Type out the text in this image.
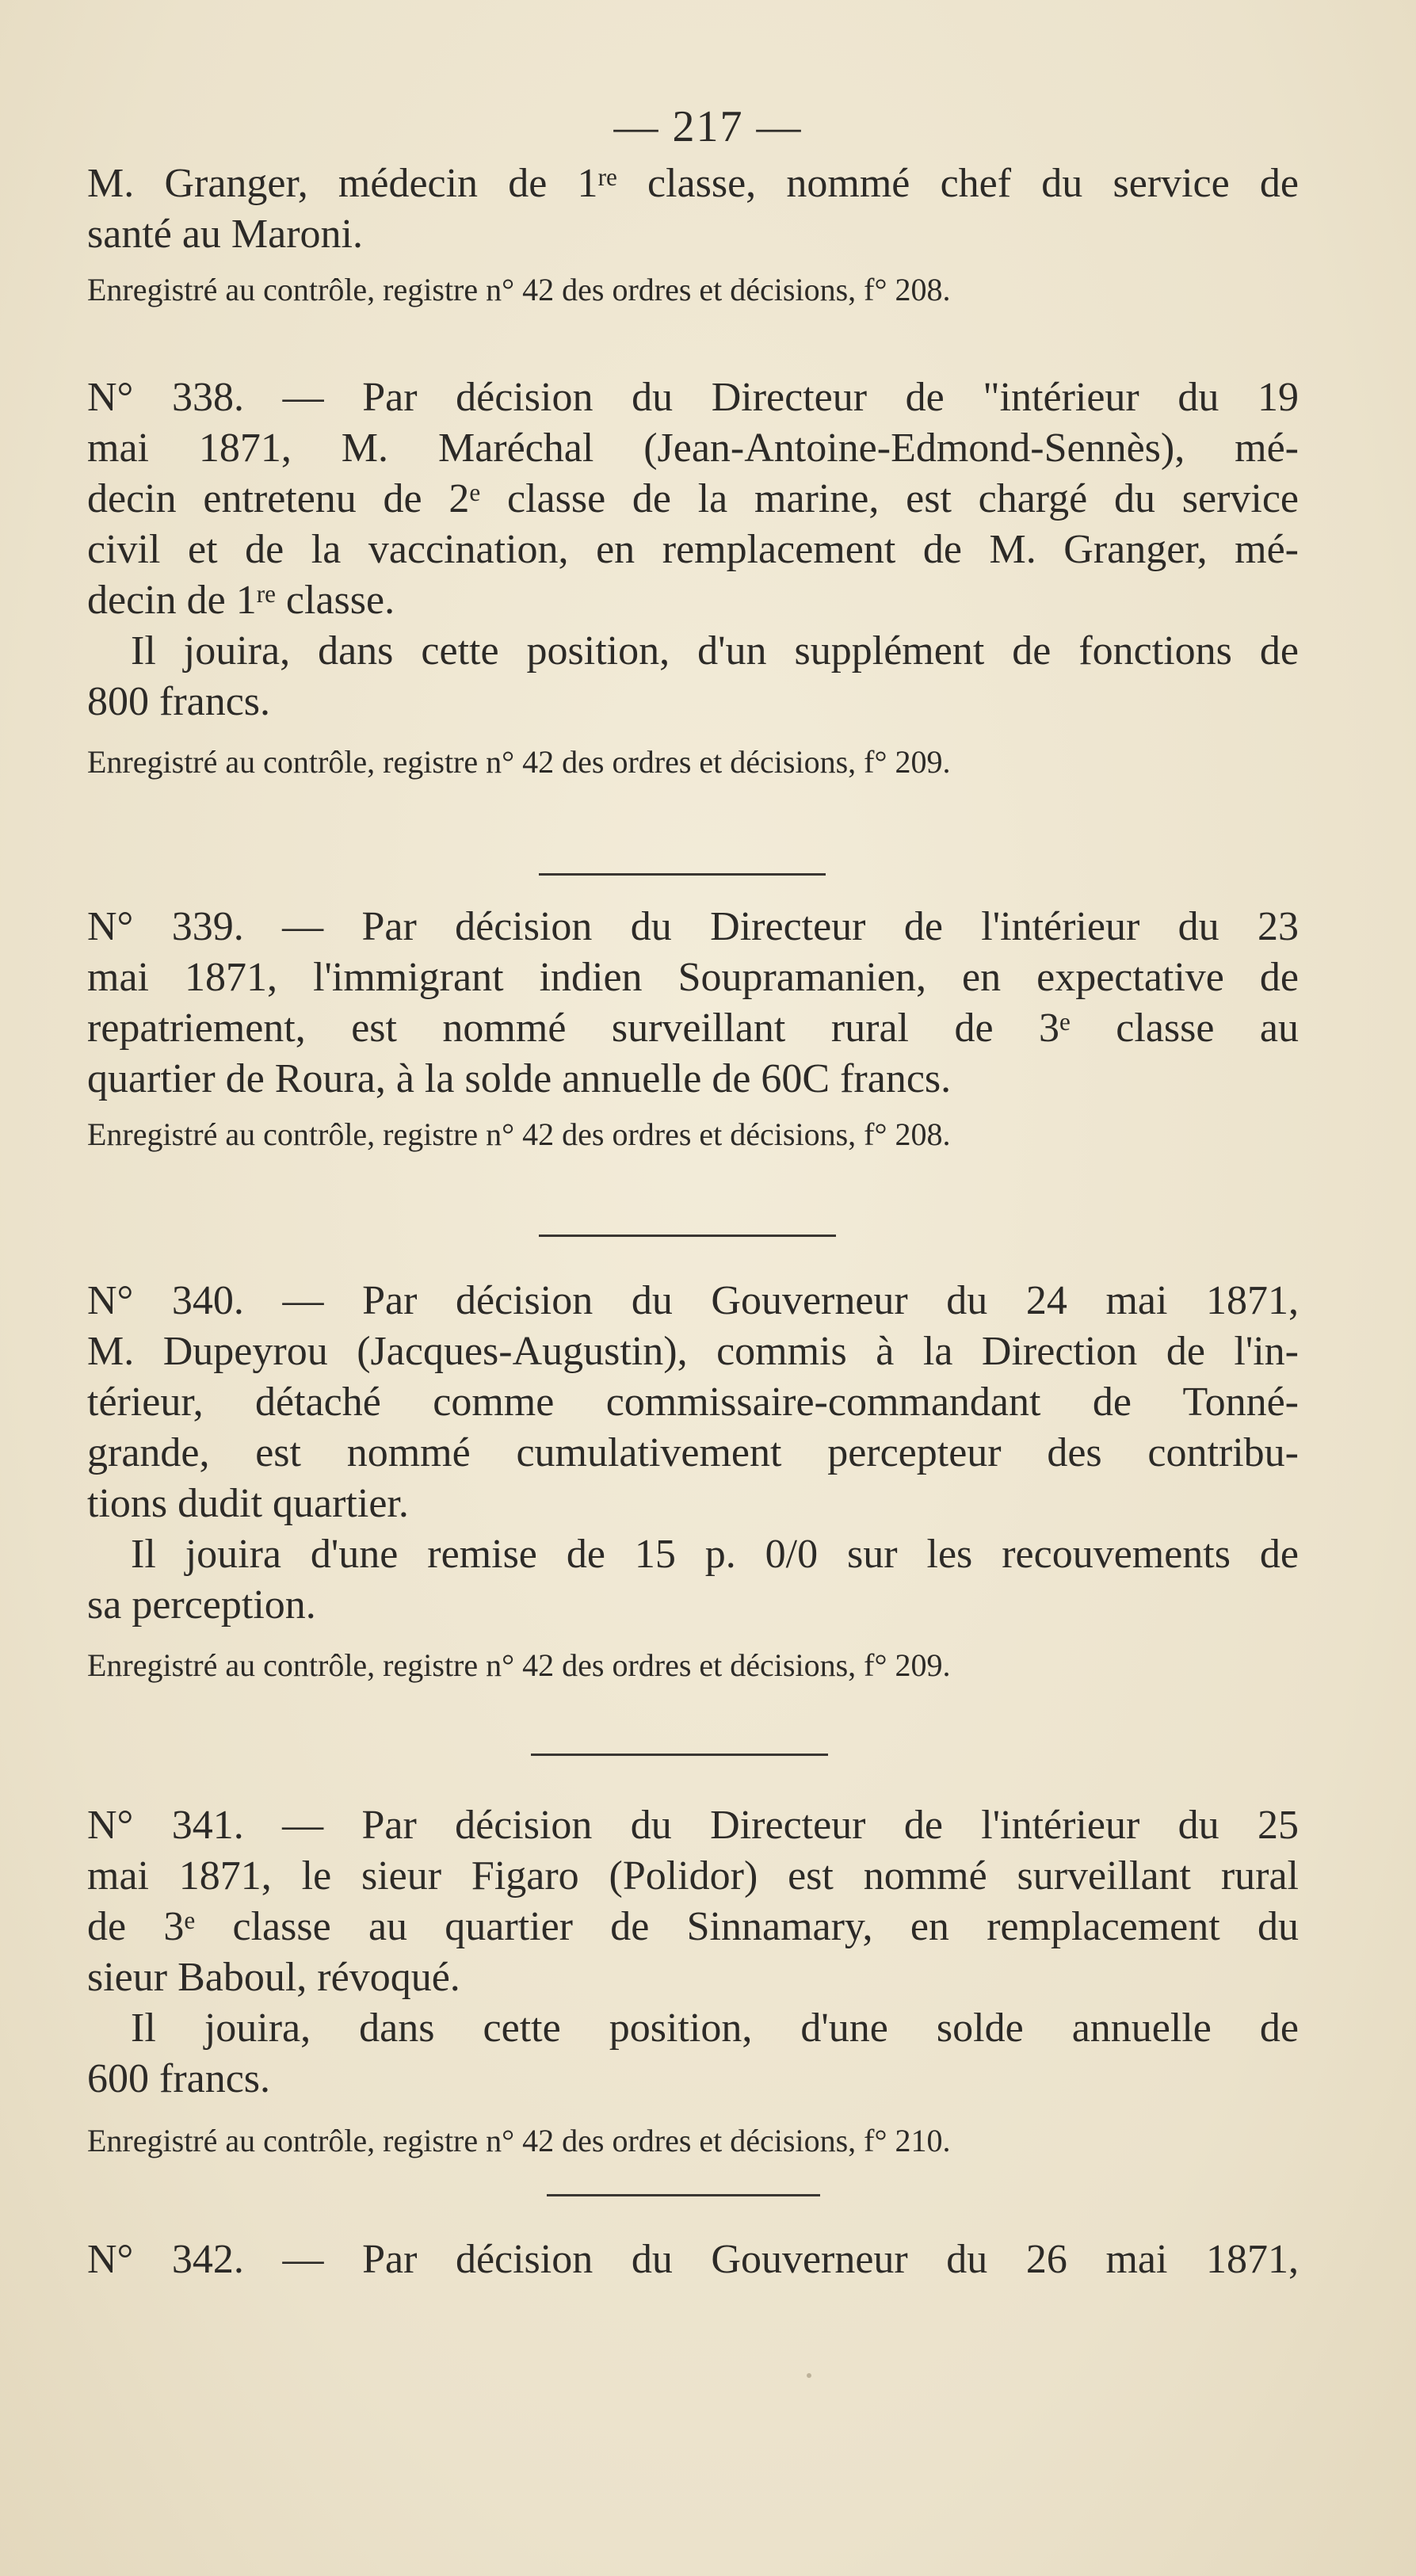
— 217 —
M. Granger, médecin de 1re classe, nommé chef du service de
santé au Maroni.
Enregistré au contrôle, registre n° 42 des ordres et décisions, f° 208.
N° 338. — Par décision du Directeur de "intérieur du 19
mai 1871, M. Maréchal (Jean-Antoine-Edmond-Sennès), mé-
decin entretenu de 2e classe de la marine, est chargé du service
civil et de la vaccination, en remplacement de M. Granger, mé-
decin de 1re classe.
Il jouira, dans cette position, d'un supplément de fonctions de
800 francs.
Enregistré au contrôle, registre n° 42 des ordres et décisions, f° 209.
N° 339. — Par décision du Directeur de l'intérieur du 23
mai 1871, l'immigrant indien Soupramanien, en expectative de
repatriement, est nommé surveillant rural de 3e classe au
quartier de Roura, à la solde annuelle de 60C francs.
Enregistré au contrôle, registre n° 42 des ordres et décisions, f° 208.
N° 340. — Par décision du Gouverneur du 24 mai 1871,
M. Dupeyrou (Jacques-Augustin), commis à la Direction de l'in-
térieur, détaché comme commissaire-commandant de Tonné-
grande, est nommé cumulativement percepteur des contribu-
tions dudit quartier.
Il jouira d'une remise de 15 p. 0/0 sur les recouvements de
sa perception.
Enregistré au contrôle, registre n° 42 des ordres et décisions, f° 209.
N° 341. — Par décision du Directeur de l'intérieur du 25
mai 1871, le sieur Figaro (Polidor) est nommé surveillant rural
de 3e classe au quartier de Sinnamary, en remplacement du
sieur Baboul, révoqué.
Il jouira, dans cette position, d'une solde annuelle de
600 francs.
Enregistré au contrôle, registre n° 42 des ordres et décisions, f° 210.
N° 342. — Par décision du Gouverneur du 26 mai 1871,
